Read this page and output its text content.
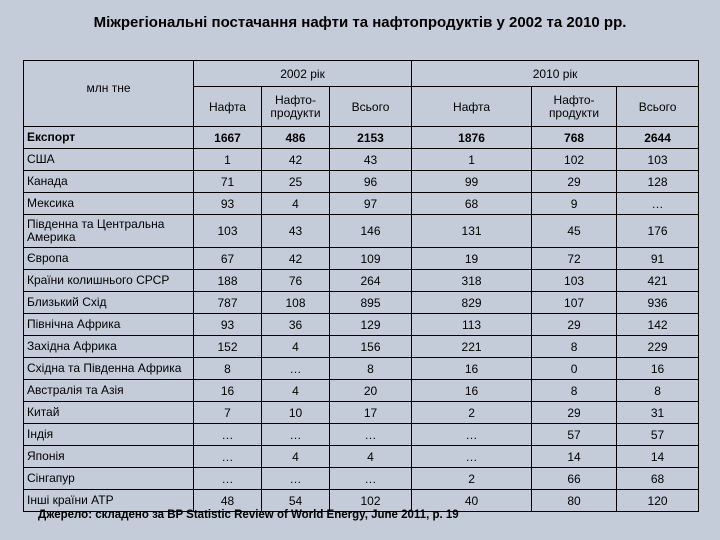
Міжрегіональні постачання нафти та нафтопродуктів у 2002 та 2010 рр.
млн тне	2002 рік			2010 рік		
	Нафта	Нафто-продукти	Всього	Нафта	Нафто-продукти	Всього
Експорт	1667	486	2153	1876	768	2644
США	1	42	43	1	102	103
Канада	71	25	96	99	29	128
Мексика	93	4	97	68	9	…
Південна та Центральна Америка	103	43	146	131	45	176
Європа	67	42	109	19	72	91
Країни колишнього СРСР	188	76	264	318	103	421
Близький Схід	787	108	895	829	107	936
Північна Африка	93	36	129	113	29	142
Західна Африка	152	4	156	221	8	229
Східна та Південна Африка	8	…	8	16	0	16
Австралія та Азія	16	4	20	16	8	8
Китай	7	10	17	2	29	31
Індія	…	…	…	…	57	57
Японія	…	4	4	…	14	14
Сінгапур	…	…	…	2	66	68
Інші країни АТР	48	54	102	40	80	120
Джерело: складено за BP Statistic Review of World Energy, June 2011, p. 19
